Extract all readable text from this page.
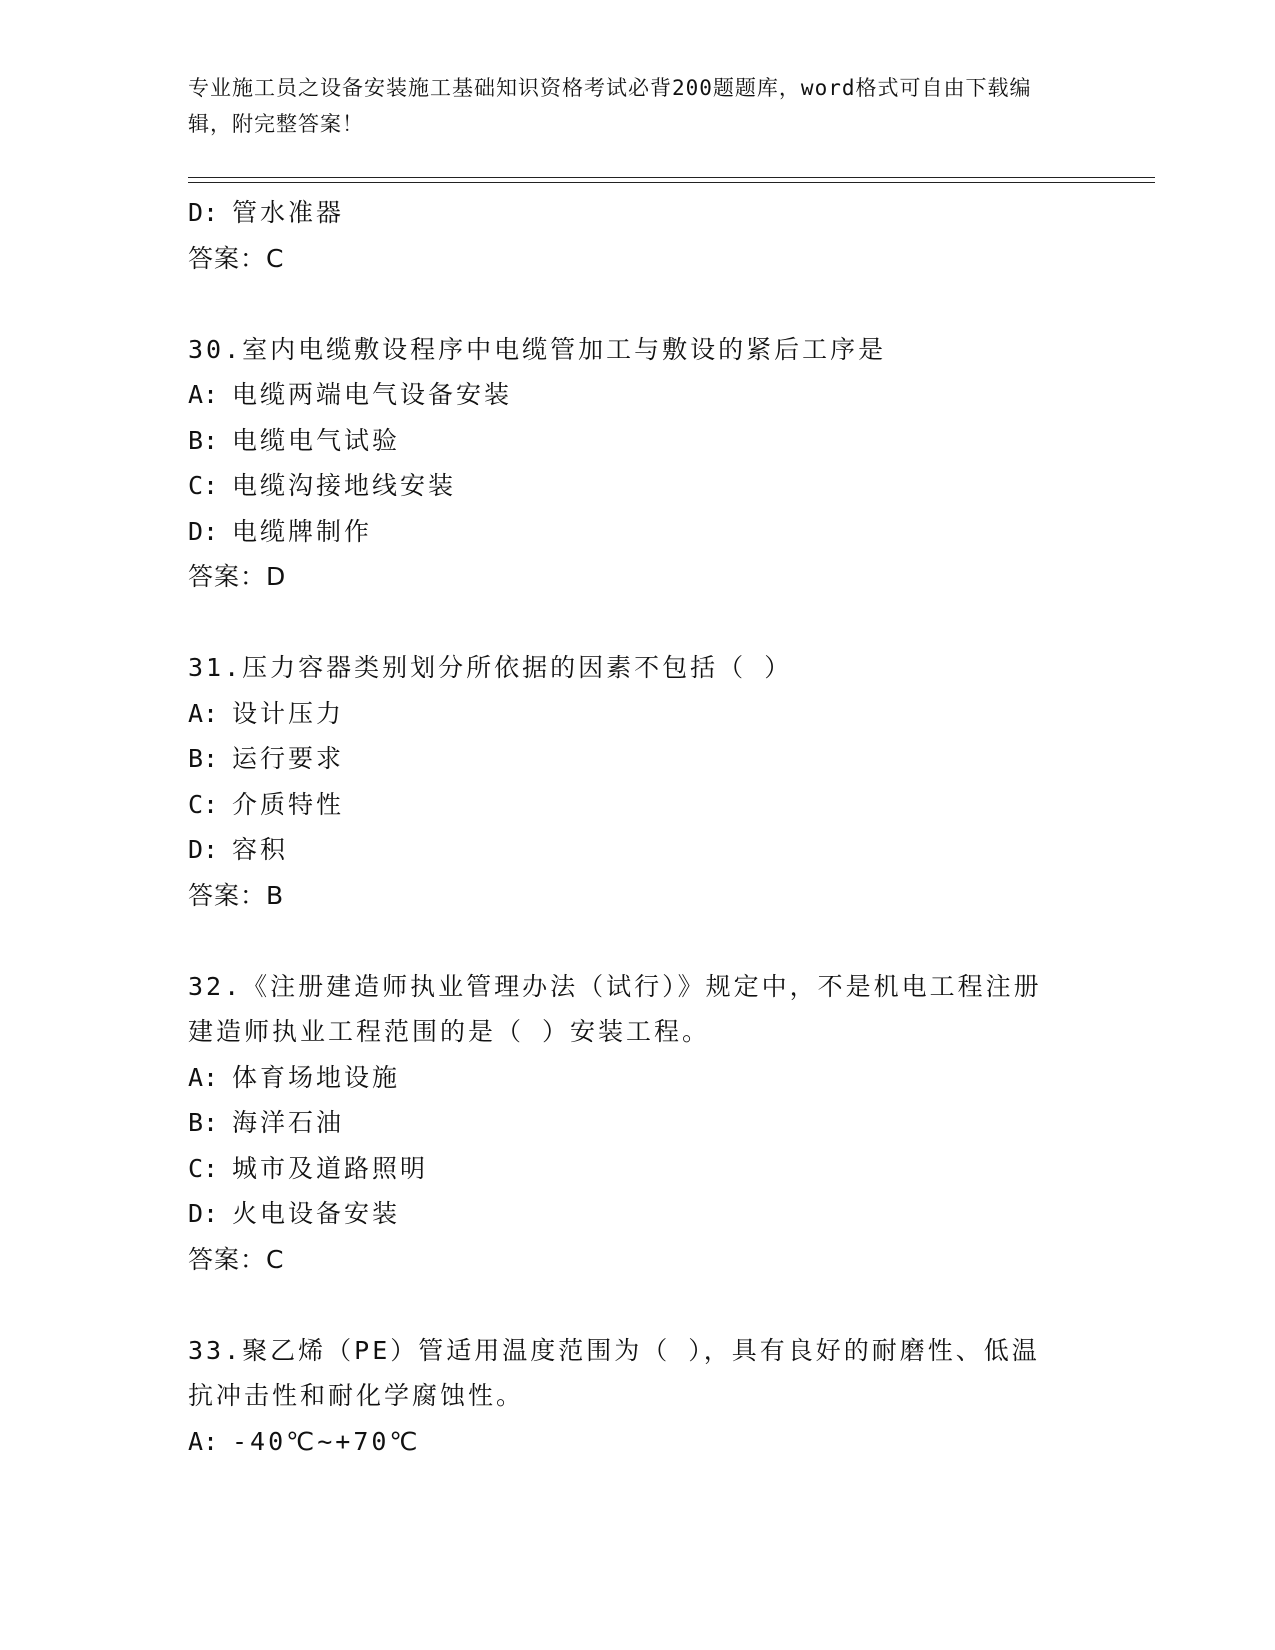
专业施工员之设备安装施工基础知识资格考试必背200题题库，word格式可自由下载编辑，附完整答案！
D: 管水准器
答案：C
30.室内电缆敷设程序中电缆管加工与敷设的紧后工序是
A: 电缆两端电气设备安装
B: 电缆电气试验
C: 电缆沟接地线安装
D: 电缆牌制作
答案：D
31.压力容器类别划分所依据的因素不包括（ ）
A: 设计压力
B: 运行要求
C: 介质特性
D: 容积
答案：B
32.《注册建造师执业管理办法（试行）》规定中，不是机电工程注册
建造师执业工程范围的是（ ）安装工程。
A: 体育场地设施
B: 海洋石油
C: 城市及道路照明
D: 火电设备安装
答案：C
33.聚乙烯（PE）管适用温度范围为（ ），具有良好的耐磨性、低温
抗冲击性和耐化学腐蚀性。
A: -40℃~+70℃
